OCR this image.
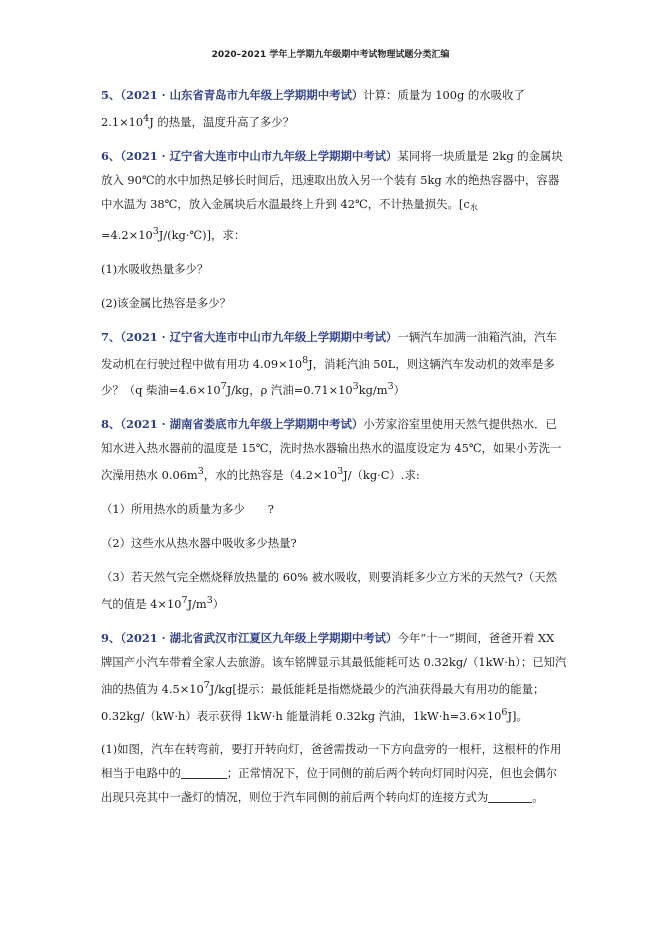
2020–2021 学年上学期九年级期中考试物理试题分类汇编
5、（2021 · 山东省青岛市九年级上学期期中考试）计算：质量为 100g 的水吸收了 $2.1\times 10^4J$ 的热量，温度升高了多少？
6、（2021 · 辽宁省大连市中山市九年级上学期期中考试）某同将一块质量是 2kg 的金属块放入 90℃的水中加热足够长时间后，迅速取出放入另一个装有 5kg 水的绝热容器中，容器中水温为 38℃，放入金属块后水温最终上升到 42℃，不计热量损失。[$c_水$
$=4.2\times 10^3J/(kg\cdot℃)$]，求：
(1)水吸收热量多少？
(2)该金属比热容是多少？
7、（2021 · 辽宁省大连市中山市九年级上学期期中考试）一辆汽车加满一油箱汽油，汽车发动机在行驶过程中做有用功 $4.09\times 10^8J$，消耗汽油 50L，则这辆汽车发动机的效率是多少？（q 柴油$=4.6\times 10^7J/kg$，ρ 汽油$=0.71\times 10^3kg/m^3$）
8、（2021 · 湖南省娄底市九年级上学期期中考试）小芳家浴室里使用天然气提供热水．已知水进入热水器前的温度是 15℃，洗时热水器输出热水的温度设定为 45℃，如果小芳洗一次澡用热水 $0.06m^3$，水的比热容是（$4.2\times 10^3J/(kg\cdot C)$.求:
（1）所用热水的质量为多少　　?
（2）这些水从热水器中吸收多少热量?
（3）若天然气完全燃烧释放热量的 60% 被水吸收，则要消耗多少立方米的天然气?（天然气的值是 $4\times 10^7J/m^3$）
9、（2021 · 湖北省武汉市江夏区九年级上学期期中考试）今年“十一”期间，爸爸开着 XX 牌国产小汽车带着全家人去旅游。该车铭牌显示其最低能耗可达 0.32kg/（1kW·h）；已知汽油的热值为 $4.5\times 10^7J/kg$[提示：最低能耗是指燃烧最少的汽油获得最大有用功的能量；0.32kg/（kW·h）表示获得 1kW·h 能量消耗 0.32kg 汽油，$1kW\cdot h=3.6\times 10^6J$]。
(1)如图，汽车在转弯前，要打开转向灯，爸爸需拨动一下方向盘旁的一根杆，这根杆的作用相当于电路中的	；正常情况下，位于同侧的前后两个转向灯同时闪亮，但也会偶尔出现只亮其中一盏灯的情况，则位于汽车同侧的前后两个转向灯的连接方式为	。
